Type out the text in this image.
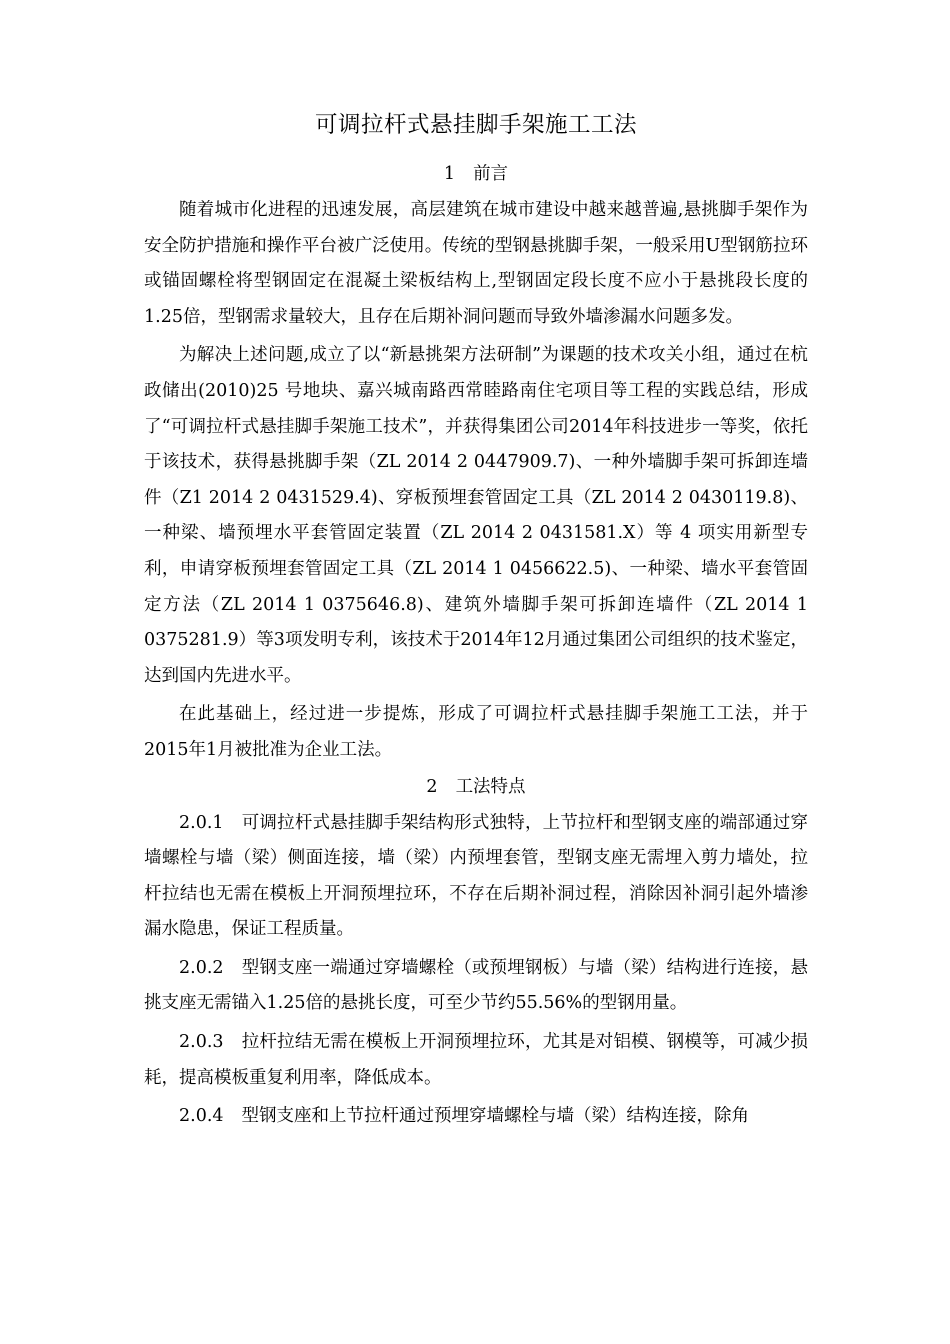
可调拉杆式悬挂脚手架施工工法
1 前言

随着城市化进程的迅速发展，高层建筑在城市建设中越来越普遍,悬挑脚手架作为安全防护措施和操作平台被广泛使用。传统的型钢悬挑脚手架，一般采用U型钢筋拉环或锚固螺栓将型钢固定在混凝土梁板结构上,型钢固定段长度不应小于悬挑段长度的1.25倍，型钢需求量较大，且存在后期补洞问题而导致外墙渗漏水问题多发。

为解决上述问题,成立了以“新悬挑架方法研制”为课题的技术攻关小组，通过在杭政储出(2010)25 号地块、嘉兴城南路西常睦路南住宅项目等工程的实践总结，形成了“可调拉杆式悬挂脚手架施工技术”，并获得集团公司2014年科技进步一等奖，依托于该技术，获得悬挑脚手架（ZL 2014 2 0447909.7)、一种外墙脚手架可拆卸连墙件（Z1 2014 2 0431529.4)、穿板预埋套管固定工具（ZL 2014 2 0430119.8)、一种梁、墙预埋水平套管固定装置（ZL 2014 2 0431581.X）等 4 项实用新型专利，申请穿板预埋套管固定工具（ZL 2014 1 0456622.5)、一种梁、墙水平套管固定方法（ZL 2014 1 0375646.8)、建筑外墙脚手架可拆卸连墙件（ZL 2014 1 0375281.9）等3项发明专利，该技术于2014年12月通过集团公司组织的技术鉴定，达到国内先进水平。

在此基础上，经过进一步提炼，形成了可调拉杆式悬挂脚手架施工工法，并于2015年1月被批准为企业工法。

2 工法特点

2.0.1 可调拉杆式悬挂脚手架结构形式独特，上节拉杆和型钢支座的端部通过穿墙螺栓与墙（梁）侧面连接，墙（梁）内预埋套管，型钢支座无需埋入剪力墙处，拉杆拉结也无需在模板上开洞预埋拉环，不存在后期补洞过程，消除因补洞引起外墙渗漏水隐患，保证工程质量。

2.0.2 型钢支座一端通过穿墙螺栓（或预埋钢板）与墙（梁）结构进行连接，悬挑支座无需锚入1.25倍的悬挑长度，可至少节约55.56%的型钢用量。

2.0.3 拉杆拉结无需在模板上开洞预埋拉环，尤其是对铝模、钢模等，可减少损耗，提高模板重复利用率，降低成本。

2.0.4 型钢支座和上节拉杆通过预埋穿墙螺栓与墙（梁）结构连接，除角
